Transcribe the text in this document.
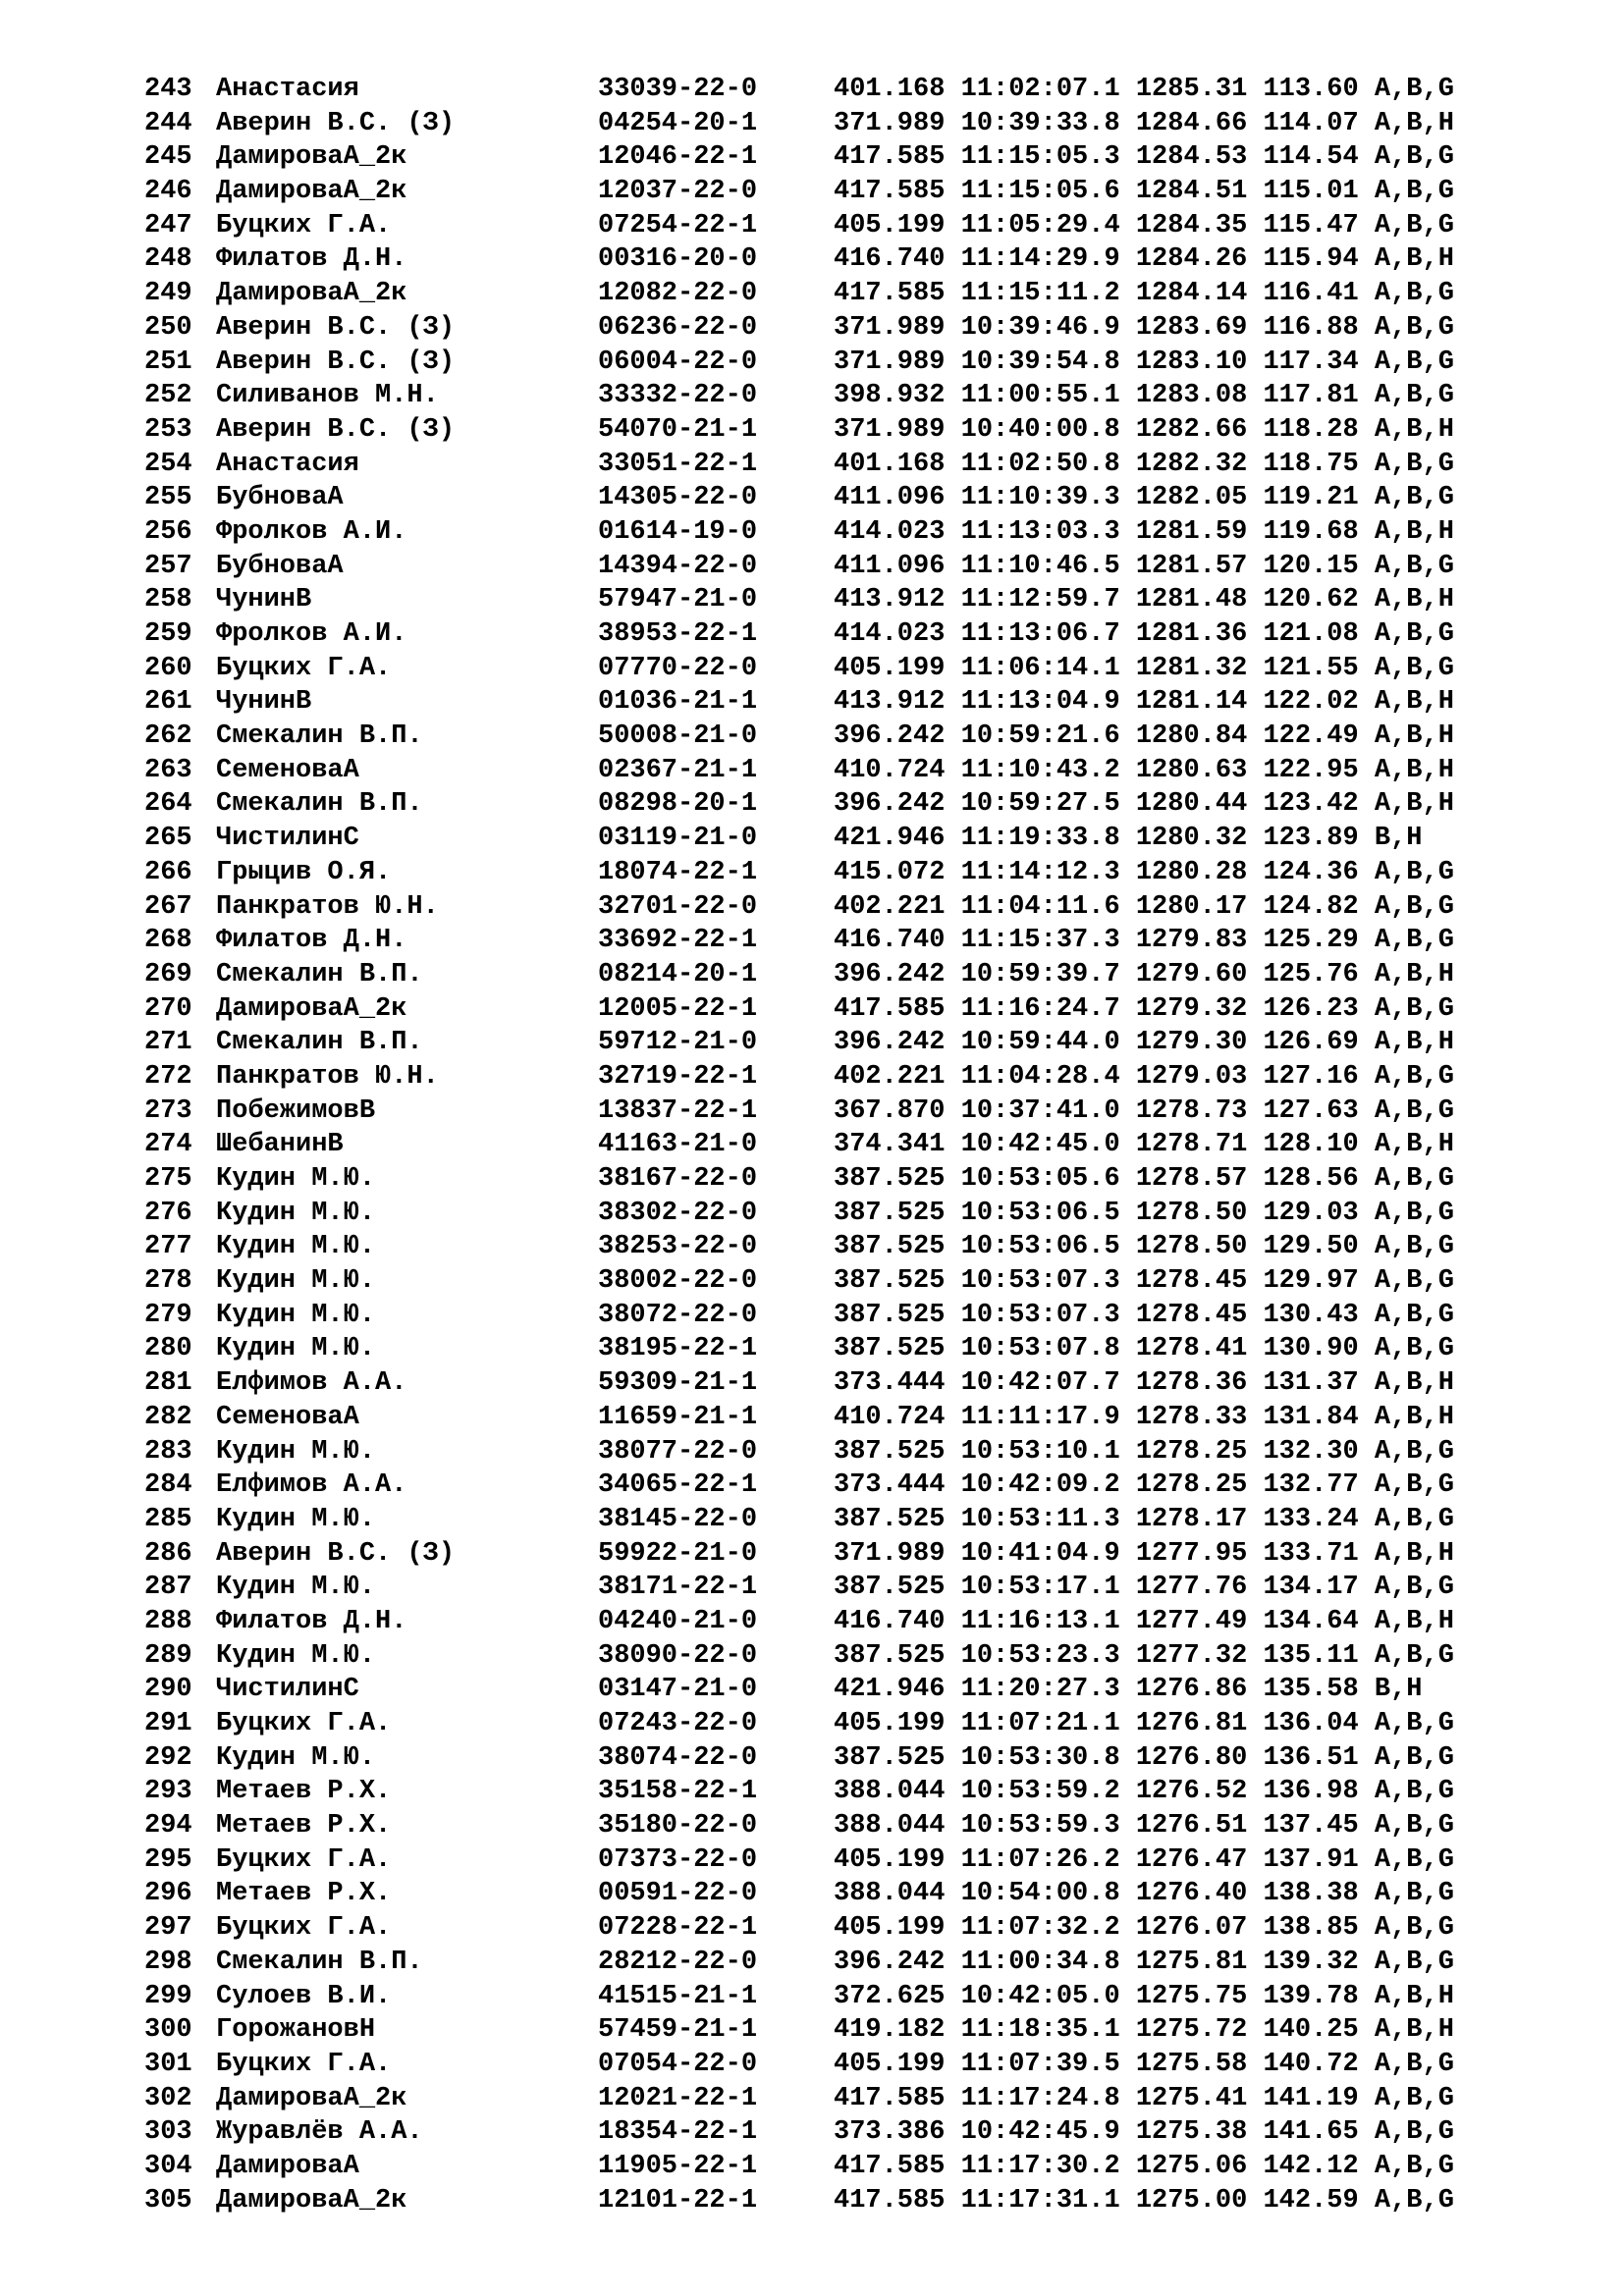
243 Анастасия	33039-22-0	401.168 11:02:07.1 1285.31 113.60 A,B,G
244 Аверин В.С. (З)	04254-20-1	371.989 10:39:33.8 1284.66 114.07 A,B,H
245 ДамироваА_2к	12046-22-1	417.585 11:15:05.3 1284.53 114.54 A,B,G
246 ДамироваА_2к	12037-22-0	417.585 11:15:05.6 1284.51 115.01 A,B,G
247 Буцких Г.А.	07254-22-1	405.199 11:05:29.4 1284.35 115.47 A,B,G
248 Филатов Д.Н.	00316-20-0	416.740 11:14:29.9 1284.26 115.94 A,B,H
249 ДамироваА_2к	12082-22-0	417.585 11:15:11.2 1284.14 116.41 A,B,G
250 Аверин В.С. (З)	06236-22-0	371.989 10:39:46.9 1283.69 116.88 A,B,G
251 Аверин В.С. (З)	06004-22-0	371.989 10:39:54.8 1283.10 117.34 A,B,G
252 Силиванов М.Н.	33332-22-0	398.932 11:00:55.1 1283.08 117.81 A,B,G
253 Аверин В.С. (З)	54070-21-1	371.989 10:40:00.8 1282.66 118.28 A,B,H
254 Анастасия	33051-22-1	401.168 11:02:50.8 1282.32 118.75 A,B,G
255 БубноваА	14305-22-0	411.096 11:10:39.3 1282.05 119.21 A,B,G
256 Фролков А.И.	01614-19-0	414.023 11:13:03.3 1281.59 119.68 A,B,H
257 БубноваА	14394-22-0	411.096 11:10:46.5 1281.57 120.15 A,B,G
258 ЧунинВ	57947-21-0	413.912 11:12:59.7 1281.48 120.62 A,B,H
259 Фролков А.И.	38953-22-1	414.023 11:13:06.7 1281.36 121.08 A,B,G
260 Буцких Г.А.	07770-22-0	405.199 11:06:14.1 1281.32 121.55 A,B,G
261 ЧунинВ	01036-21-1	413.912 11:13:04.9 1281.14 122.02 A,B,H
262 Смекалин В.П.	50008-21-0	396.242 10:59:21.6 1280.84 122.49 A,B,H
263 СеменоваА	02367-21-1	410.724 11:10:43.2 1280.63 122.95 A,B,H
264 Смекалин В.П.	08298-20-1	396.242 10:59:27.5 1280.44 123.42 A,B,H
265 ЧистилинС	03119-21-0	421.946 11:19:33.8 1280.32 123.89 B,H
266 Грыцив О.Я.	18074-22-1	415.072 11:14:12.3 1280.28 124.36 A,B,G
267 Панкратов Ю.Н.	32701-22-0	402.221 11:04:11.6 1280.17 124.82 A,B,G
268 Филатов Д.Н.	33692-22-1	416.740 11:15:37.3 1279.83 125.29 A,B,G
269 Смекалин В.П.	08214-20-1	396.242 10:59:39.7 1279.60 125.76 A,B,H
270 ДамироваА_2к	12005-22-1	417.585 11:16:24.7 1279.32 126.23 A,B,G
271 Смекалин В.П.	59712-21-0	396.242 10:59:44.0 1279.30 126.69 A,B,H
272 Панкратов Ю.Н.	32719-22-1	402.221 11:04:28.4 1279.03 127.16 A,B,G
273 ПобежимовВ	13837-22-1	367.870 10:37:41.0 1278.73 127.63 A,B,G
274 ШебанинВ	41163-21-0	374.341 10:42:45.0 1278.71 128.10 A,B,H
275 Кудин М.Ю.	38167-22-0	387.525 10:53:05.6 1278.57 128.56 A,B,G
276 Кудин М.Ю.	38302-22-0	387.525 10:53:06.5 1278.50 129.03 A,B,G
277 Кудин М.Ю.	38253-22-0	387.525 10:53:06.5 1278.50 129.50 A,B,G
278 Кудин М.Ю.	38002-22-0	387.525 10:53:07.3 1278.45 129.97 A,B,G
279 Кудин М.Ю.	38072-22-0	387.525 10:53:07.3 1278.45 130.43 A,B,G
280 Кудин М.Ю.	38195-22-1	387.525 10:53:07.8 1278.41 130.90 A,B,G
281 Елфимов А.А.	59309-21-1	373.444 10:42:07.7 1278.36 131.37 A,B,H
282 СеменоваА	11659-21-1	410.724 11:11:17.9 1278.33 131.84 A,B,H
283 Кудин М.Ю.	38077-22-0	387.525 10:53:10.1 1278.25 132.30 A,B,G
284 Елфимов А.А.	34065-22-1	373.444 10:42:09.2 1278.25 132.77 A,B,G
285 Кудин М.Ю.	38145-22-0	387.525 10:53:11.3 1278.17 133.24 A,B,G
286 Аверин В.С. (З)	59922-21-0	371.989 10:41:04.9 1277.95 133.71 A,B,H
287 Кудин М.Ю.	38171-22-1	387.525 10:53:17.1 1277.76 134.17 A,B,G
288 Филатов Д.Н.	04240-21-0	416.740 11:16:13.1 1277.49 134.64 A,B,H
289 Кудин М.Ю.	38090-22-0	387.525 10:53:23.3 1277.32 135.11 A,B,G
290 ЧистилинС	03147-21-0	421.946 11:20:27.3 1276.86 135.58 B,H
291 Буцких Г.А.	07243-22-0	405.199 11:07:21.1 1276.81 136.04 A,B,G
292 Кудин М.Ю.	38074-22-0	387.525 10:53:30.8 1276.80 136.51 A,B,G
293 Метаев Р.Х.	35158-22-1	388.044 10:53:59.2 1276.52 136.98 A,B,G
294 Метаев Р.Х.	35180-22-0	388.044 10:53:59.3 1276.51 137.45 A,B,G
295 Буцких Г.А.	07373-22-0	405.199 11:07:26.2 1276.47 137.91 A,B,G
296 Метаев Р.Х.	00591-22-0	388.044 10:54:00.8 1276.40 138.38 A,B,G
297 Буцких Г.А.	07228-22-1	405.199 11:07:32.2 1276.07 138.85 A,B,G
298 Смекалин В.П.	28212-22-0	396.242 11:00:34.8 1275.81 139.32 A,B,G
299 Сулоев В.И.	41515-21-1	372.625 10:42:05.0 1275.75 139.78 A,B,H
300 ГорожановН	57459-21-1	419.182 11:18:35.1 1275.72 140.25 A,B,H
301 Буцких Г.А.	07054-22-0	405.199 11:07:39.5 1275.58 140.72 A,B,G
302 ДамироваА_2к	12021-22-1	417.585 11:17:24.8 1275.41 141.19 A,B,G
303 Журавлёв А.А.	18354-22-1	373.386 10:42:45.9 1275.38 141.65 A,B,G
304 ДамироваА	11905-22-1	417.585 11:17:30.2 1275.06 142.12 A,B,G
305 ДамироваА_2к	12101-22-1	417.585 11:17:31.1 1275.00 142.59 A,B,G
